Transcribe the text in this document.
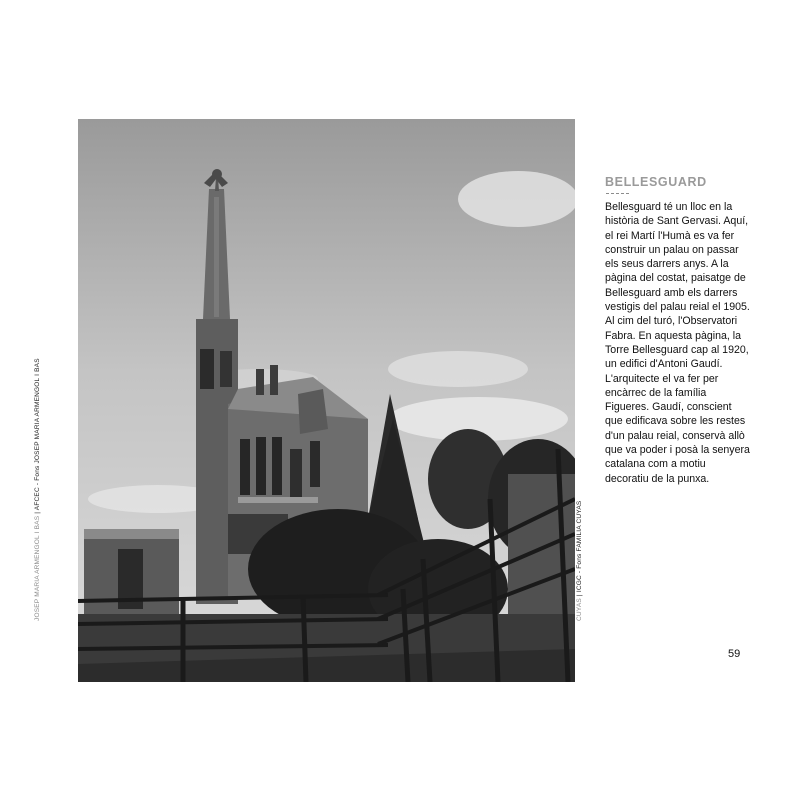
JOSEP MARIA ARMENGOL I BAS | AFCEC - Fons JOSEP MARIA ARMENGOL I BAS
CUYAS | ICGC - Fons FAMILIA CUYAS
BELLESGUARD

Bellesguard té un lloc en la història de Sant Gervasi. Aquí, el rei Martí l'Humà es va fer construir un palau on passar els seus darrers anys. A la pàgina del costat, paisatge de Bellesguard amb els darrers vestigis del palau reial el 1905. Al cim del turó, l'Observatori Fabra. En aquesta pàgina, la Torre Bellesguard cap al 1920, un edifici d'Antoni Gaudí. L'arquitecte el va fer per encàrrec de la família Figueres. Gaudí, conscient que edificava sobre les restes d'un palau reial, conservà allò que va poder i posà la senyera catalana com a motiu decoratiu de la punxa.

59
